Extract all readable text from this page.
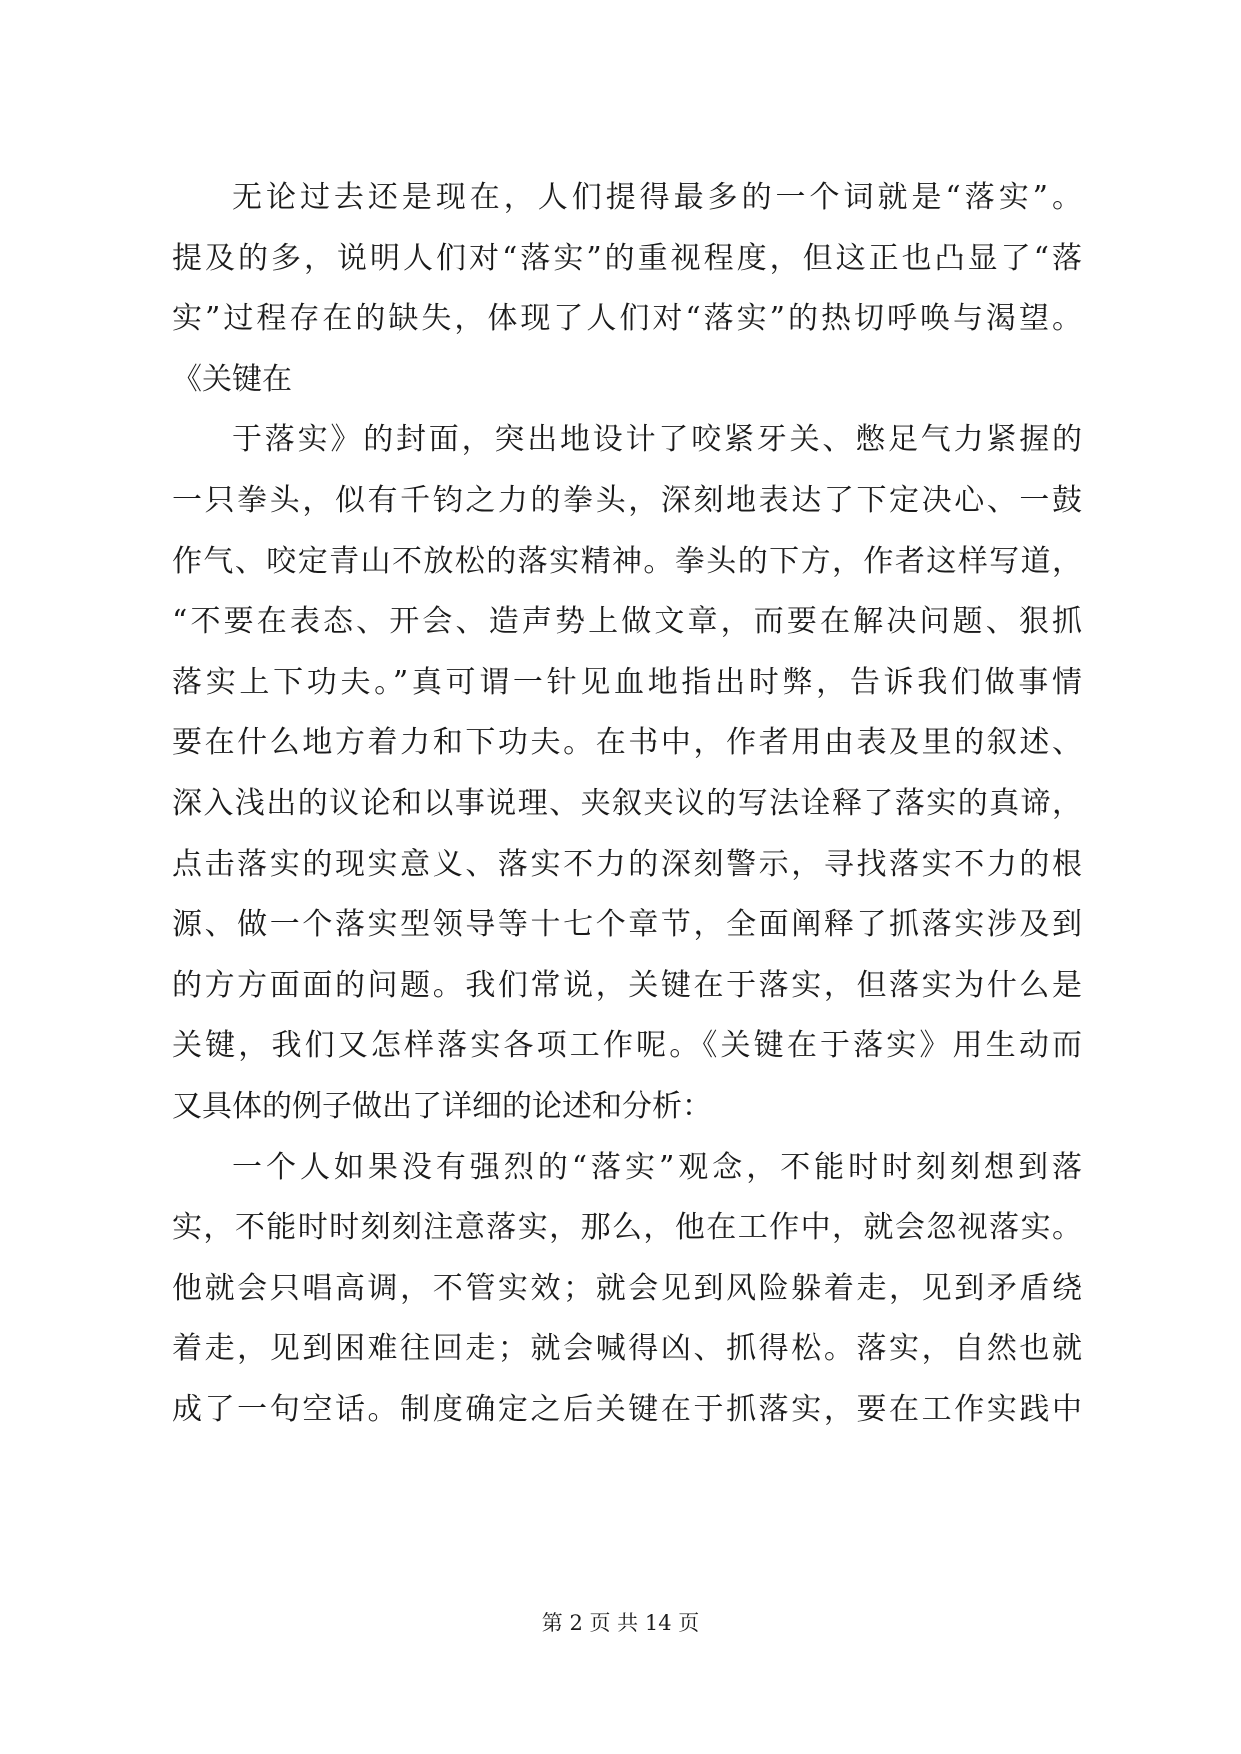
无论过去还是现在，人们提得最多的一个词就是“落实”。
提及的多，说明人们对“落实”的重视程度，但这正也凸显了“落
实”过程存在的缺失，体现了人们对“落实”的热切呼唤与渴望。
《关键在
于落实》的封面，突出地设计了咬紧牙关、憋足气力紧握的
一只拳头，似有千钧之力的拳头，深刻地表达了下定决心、一鼓
作气、咬定青山不放松的落实精神。拳头的下方，作者这样写道，
“不要在表态、开会、造声势上做文章，而要在解决问题、狠抓
落实上下功夫。”真可谓一针见血地指出时弊，告诉我们做事情
要在什么地方着力和下功夫。在书中，作者用由表及里的叙述、
深入浅出的议论和以事说理、夹叙夹议的写法诠释了落实的真谛，
点击落实的现实意义、落实不力的深刻警示，寻找落实不力的根
源、做一个落实型领导等十七个章节，全面阐释了抓落实涉及到
的方方面面的问题。我们常说，关键在于落实，但落实为什么是
关键，我们又怎样落实各项工作呢。《关键在于落实》用生动而
又具体的例子做出了详细的论述和分析：
一个人如果没有强烈的“落实”观念，不能时时刻刻想到落
实，不能时时刻刻注意落实，那么，他在工作中，就会忽视落实。
他就会只唱高调，不管实效；就会见到风险躲着走，见到矛盾绕
着走，见到困难往回走；就会喊得凶、抓得松。落实，自然也就
成了一句空话。制度确定之后关键在于抓落实，要在工作实践中
第 2 页 共 14 页
